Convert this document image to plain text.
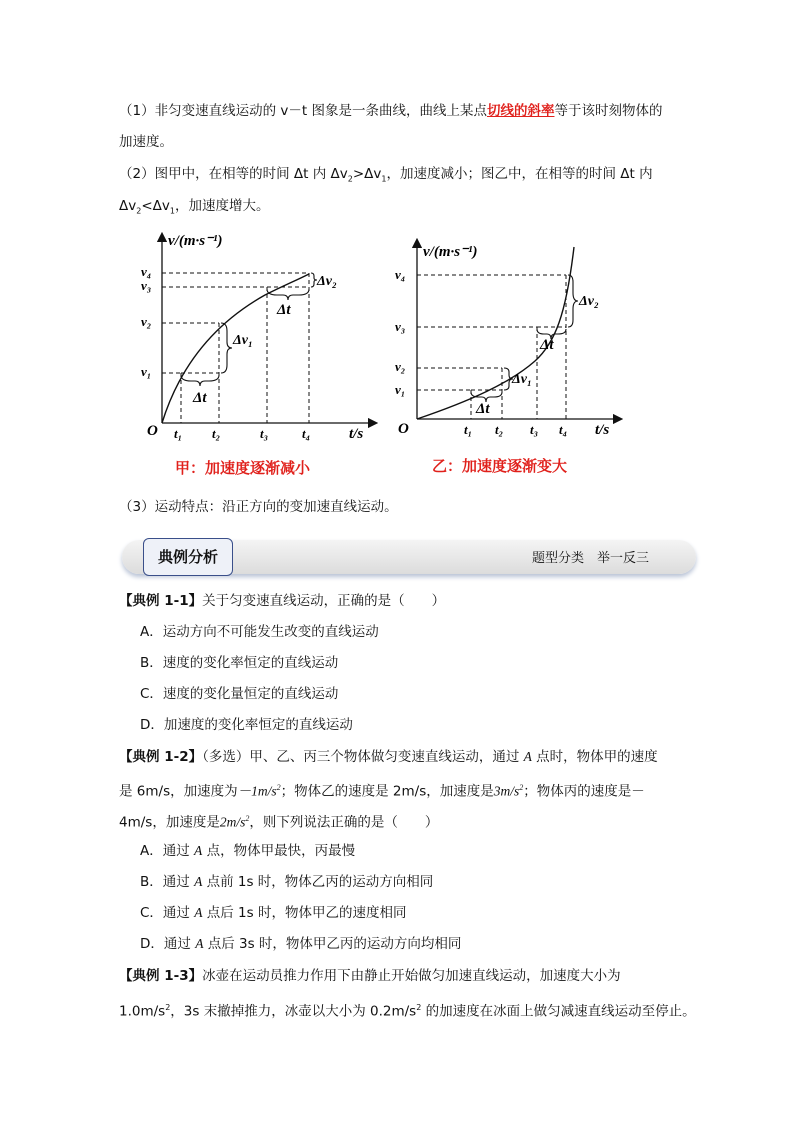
（1）非匀变速直线运动的 v－t 图象是一条曲线，曲线上某点切线的斜率等于该时刻物体的
加速度。
（2）图甲中，在相等的时间 Δt 内 $\Delta v_2>\Delta v_1$，加速度减小；图乙中，在相等的时间 Δt 内
$\Delta v_2<\Delta v_1$，加速度增大。
v/(m·s⁻¹)
t/s
O
v₄
v₃
v₂
v₁
t₁ t₂	t₃	t₄
Δt
Δt
Δv₁
Δv₂
v/(m·s⁻¹)
t/s
O
v₄
v₃
v₂
v₁
t₁ t₂ t₃ t₄
Δt
Δt
Δv₁
Δv₂
甲：加速度逐渐减小	乙：加速度逐渐变大
（3）运动特点：沿正方向的变加速直线运动。
典例分析	题型分类　举一反三
【典例 1-1】关于匀变速直线运动，正确的是（　　）
A．运动方向不可能发生改变的直线运动
B．速度的变化率恒定的直线运动
C．速度的变化量恒定的直线运动
D．加速度的变化率恒定的直线运动
【典例 1-2】（多选）甲、乙、丙三个物体做匀变速直线运动，通过 A 点时，物体甲的速度
是 6m/s，加速度为$-1m/s^2$；物体乙的速度是 2m/s，加速度是$3m/s^2$；物体丙的速度是－
4m/s，加速度是$2m/s^2$，则下列说法正确的是（　　）
A．通过 A 点，物体甲最快，丙最慢
B．通过 A 点前 1s 时，物体乙丙的运动方向相同
C．通过 A 点后 1s 时，物体甲乙的速度相同
D．通过 A 点后 3s 时，物体甲乙丙的运动方向均相同
【典例 1-3】冰壶在运动员推力作用下由静止开始做匀加速直线运动，加速度大小为
$1.0m/s^2$，3s 末撤掉推力，冰壶以大小为 $0.2m/s^2$ 的加速度在冰面上做匀减速直线运动至停止。
